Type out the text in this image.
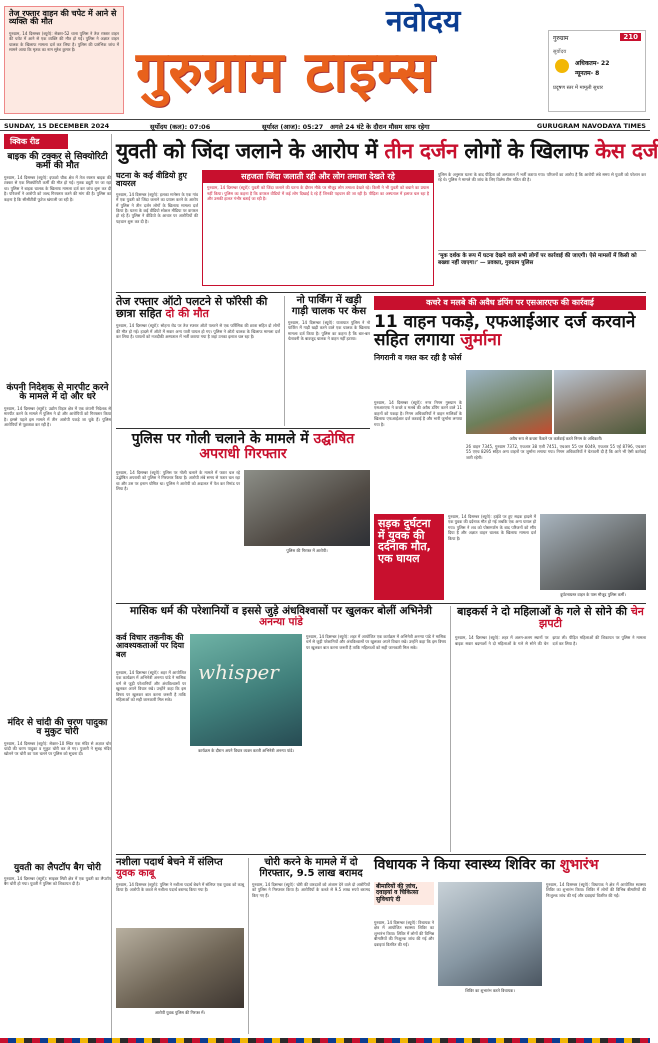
तेज रफ्तार वाहन की चपेट में आने से व्यक्ति की मौत
गुरुग्राम, 14 दिसम्बर (ब्यूरो): सेक्टर-52 थाना पुलिस ने तेज रफ्तार वाहन की चपेट में आने से एक व्यक्ति की मौत हो गई। पुलिस ने अज्ञात वाहन चालक के खिलाफ मामला दर्ज कर लिया है। पुलिस की प्रारंभिक जांच में सामने आया कि मृतक का नाम सुरेश कुमार है।
नवोदय
गुरुग्राम टाइम्स
गुरुग्राम	210
सूर्योदय
अधिकतम- 22
न्यूनतम- 8
प्रदूषण स्तर में मामूली सुधार
SUNDAY, 15 DECEMBER 2024	सूर्योदय (कल): 07:06	सूर्यास्त (आज): 05:27 अगले 24 घंटे के दौरान मौसम साफ रहेगा	GURUGRAM NAVODAYA TIMES
क्विक रीड
बाइक की टक्कर से सिक्योरिटी कर्मी की मौत
गुरुग्राम, 14 दिसम्बर (ब्यूरो): इफको चौक क्षेत्र में तेज रफ्तार बाइक की टक्कर से एक सिक्योरिटी कर्मी की मौत हो गई। मृतक ड्यूटी पर जा रहा था। पुलिस ने बाइक चालक के खिलाफ मामला दर्ज कर जांच शुरू कर दी है। परिजनों ने आरोपी को जल्द गिरफ्तार करने की मांग की है। पुलिस का कहना है कि सीसीटीवी फुटेज खंगाली जा रही है।
कंपनी निदेशक से मारपीट करने के मामले में दो और धरे
गुरुग्राम, 14 दिसम्बर (ब्यूरो): उद्योग विहार क्षेत्र में एक कंपनी निदेशक से मारपीट करने के मामले में पुलिस ने दो और आरोपियों को गिरफ्तार किया है। इससे पहले इस मामले में तीन आरोपी पकड़े जा चुके हैं। पुलिस आरोपियों से पूछताछ कर रही है।
मंदिर से चांदी की चरण पादुका व मुकुट चोरी
गुरुग्राम, 14 दिसम्बर (ब्यूरो): सेक्टर-10 स्थित एक मंदिर से अज्ञात चोर चांदी की चरण पादुका व मुकुट चोरी कर ले गए। पुजारी ने सुबह मंदिर खोलने पर चोरी का पता चलने पर पुलिस को सूचना दी।
युवती का लैपटॉप बैग चोरी
गुरुग्राम, 14 दिसम्बर (ब्यूरो): साइबर सिटी क्षेत्र में एक युवती का लैपटॉप बैग चोरी हो गया। युवती ने पुलिस को शिकायत दी है।
युवती को जिंदा जलाने के आरोप में तीन दर्जन लोगों के खिलाफ केस दर्ज
घटना के कई वीडियो हुए वायरल
गुरुग्राम, 14 दिसम्बर (ब्यूरो): हलका मानेसर के एक गांव में एक युवती को जिंदा जलाने का प्रयास करने के आरोप में पुलिस ने तीन दर्जन लोगों के खिलाफ मामला दर्ज किया है। घटना के कई वीडियो सोशल मीडिया पर वायरल हो रहे हैं। पुलिस ने वीडियो के आधार पर आरोपियों की पहचान शुरू कर दी है।
सहजता जिंदा जलाती रही और लोग तमाशा देखते रहे
गुरुग्राम, 14 दिसम्बर (ब्यूरो): युवती को जिंदा जलाने की घटना के दौरान मौके पर मौजूद लोग तमाशा देखते रहे। किसी ने भी युवती को बचाने का प्रयास नहीं किया। पुलिस का कहना है कि वायरल वीडियो में कई लोग दिखाई दे रहे हैं जिनकी पहचान की जा रही है। पीड़िता का अस्पताल में इलाज चल रहा है और उसकी हालत गंभीर बताई जा रही है।
पुलिस के अनुसार घटना के बाद पीड़िता को अस्पताल में भर्ती कराया गया। परिजनों का आरोप है कि आरोपी लंबे समय से युवती को परेशान कर रहे थे। पुलिस ने मामले की जांच के लिए विशेष टीम गठित की है।
‘मूक दर्शक के रूप में घटना देखने वाले सभी लोगों पर कार्रवाई की जाएगी। ऐसे मामलों में किसी को बख्शा नहीं जाएगा।’ — प्रवक्ता, गुरुग्राम पुलिस
तेज रफ्तार ऑटो पलटने से फॉरेसी की छात्रा सहित दो की मौत
गुरुग्राम, 14 दिसम्बर (ब्यूरो): सोहना रोड पर तेज रफ्तार ऑटो पलटने से एक फॉरेंसिक की छात्रा सहित दो लोगों की मौत हो गई। हादसे में ऑटो में सवार अन्य यात्री घायल हो गए। पुलिस ने ऑटो चालक के खिलाफ मामला दर्ज कर लिया है। घायलों को नजदीकी अस्पताल में भर्ती कराया गया है जहां उनका इलाज चल रहा है।
नो पार्किंग में खड़ी गाड़ी चालक पर केस
गुरुग्राम, 14 दिसम्बर (ब्यूरो): यातायात पुलिस ने नो पार्किंग में गाड़ी खड़ी करने वाले एक चालक के खिलाफ मामला दर्ज किया है। पुलिस का कहना है कि बार-बार चेतावनी के बावजूद चालक ने वाहन नहीं हटाया।
कचरे व मलबे की अवैध डंपिंग पर एसआरएफ की कार्रवाई
11 वाहन पकड़े, एफआईआर दर्ज करवाने सहित लगाया जुर्माना
निगरानी व गश्त कर रही है फोर्स
गुरुग्राम, 14 दिसम्बर (ब्यूरो): नगर निगम गुरुग्राम के एसआरएफ ने कचरे व मलबे की अवैध डंपिंग करने वाले 11 वाहनों को पकड़ा है। निगम अधिकारियों ने वाहन मालिकों के खिलाफ एफआईआर दर्ज करवाई है और भारी जुर्माना लगाया गया है।
अवैध रूप से कचरा फेंकने पर कार्रवाई करते निगम के अधिकारी।
26 वाहन 7345, गुरुग्राम 7372, एचआर 38 एजी 7451, एचआर 55 एल 6049, एचआर 55 एई 8796, एचआर 55 एएच 8295 सहित अन्य वाहनों पर जुर्माना लगाया गया। निगम अधिकारियों ने चेतावनी दी है कि आगे भी ऐसी कार्रवाई जारी रहेगी।
पुलिस पर गोली चलाने के मामले में उद्घोषित अपराधी गिरफ्तार
गुरुग्राम, 14 दिसम्बर (ब्यूरो): पुलिस पर गोली चलाने के मामले में फरार चल रहे उद्घोषित अपराधी को पुलिस ने गिरफ्तार किया है। आरोपी लंबे समय से फरार चल रहा था और उस पर इनाम घोषित था। पुलिस ने आरोपी को अदालत में पेश कर रिमांड पर लिया है।
पुलिस की गिरफ्त में आरोपी।
सड़क दुर्घटना में युवक की दर्दनाक मौत, एक घायल
गुरुग्राम, 14 दिसम्बर (ब्यूरो): हाईवे पर हुए सड़क हादसे में एक युवक की दर्दनाक मौत हो गई जबकि एक अन्य घायल हो गया। पुलिस ने शव को पोस्टमार्टम के बाद परिजनों को सौंप दिया है और अज्ञात वाहन चालक के खिलाफ मामला दर्ज किया है।
दुर्घटनाग्रस्त वाहन के पास मौजूद पुलिस कर्मी।
मासिक धर्म की परेशानियों व इससे जुड़े अंधविश्वासों पर खुलकर बोलीं अभिनेत्री अनन्या पांडे
कर्व विचार तकनीक की आवश्यकताओं पर दिया बल
गुरुग्राम, 14 दिसम्बर (ब्यूरो): शहर में आयोजित एक कार्यक्रम में अभिनेत्री अनन्या पांडे ने मासिक धर्म से जुड़ी परेशानियों और अंधविश्वासों पर खुलकर अपने विचार रखे। उन्होंने कहा कि इस विषय पर खुलकर बात करना जरूरी है ताकि महिलाओं को सही जानकारी मिल सके।
whisper
कार्यक्रम के दौरान अपने विचार व्यक्त करती अभिनेत्री अनन्या पांडे।
गुरुग्राम, 14 दिसम्बर (ब्यूरो): शहर में आयोजित एक कार्यक्रम में अभिनेत्री अनन्या पांडे ने मासिक धर्म से जुड़ी परेशानियों और अंधविश्वासों पर खुलकर अपने विचार रखे। उन्होंने कहा कि इस विषय पर खुलकर बात करना जरूरी है ताकि महिलाओं को सही जानकारी मिल सके।
बाइकर्स ने दो महिलाओं के गले से सोने की चेन झपटी
गुरुग्राम, 14 दिसम्बर (ब्यूरो): शहर में अलग-अलग स्थानों पर बाइक सवार बदमाशों ने दो महिलाओं के गले से सोने की चेन झपट ली। पीड़ित महिलाओं की शिकायत पर पुलिस ने मामला दर्ज कर लिया है।
नशीला पदार्थ बेचने में संलिप्त युवक काबू
गुरुग्राम, 14 दिसम्बर (ब्यूरो): पुलिस ने नशीला पदार्थ बेचने में संलिप्त एक युवक को काबू किया है। आरोपी के कब्जे से नशीला पदार्थ बरामद किया गया है।
आरोपी युवक पुलिस की गिरफ्त में।
चोरी करने के मामले में दो गिरफ्तार, 9.5 लाख बरामद
गुरुग्राम, 14 दिसम्बर (ब्यूरो): चोरी की वारदातों को अंजाम देने वाले दो आरोपियों को पुलिस ने गिरफ्तार किया है। आरोपियों के कब्जे से 9.5 लाख रुपये बरामद किए गए हैं।
विधायक ने किया स्वास्थ्य शिविर का शुभारंभ
बीमारियों की जांच, दवाइयां व चिकित्सा सुविधाएं दी
गुरुग्राम, 14 दिसम्बर (ब्यूरो): विधायक ने क्षेत्र में आयोजित स्वास्थ्य शिविर का शुभारंभ किया। शिविर में लोगों की विभिन्न बीमारियों की निःशुल्क जांच की गई और दवाइयां वितरित की गईं।
शिविर का शुभारंभ करते विधायक।
गुरुग्राम, 14 दिसम्बर (ब्यूरो): विधायक ने क्षेत्र में आयोजित स्वास्थ्य शिविर का शुभारंभ किया। शिविर में लोगों की विभिन्न बीमारियों की निःशुल्क जांच की गई और दवाइयां वितरित की गईं।
